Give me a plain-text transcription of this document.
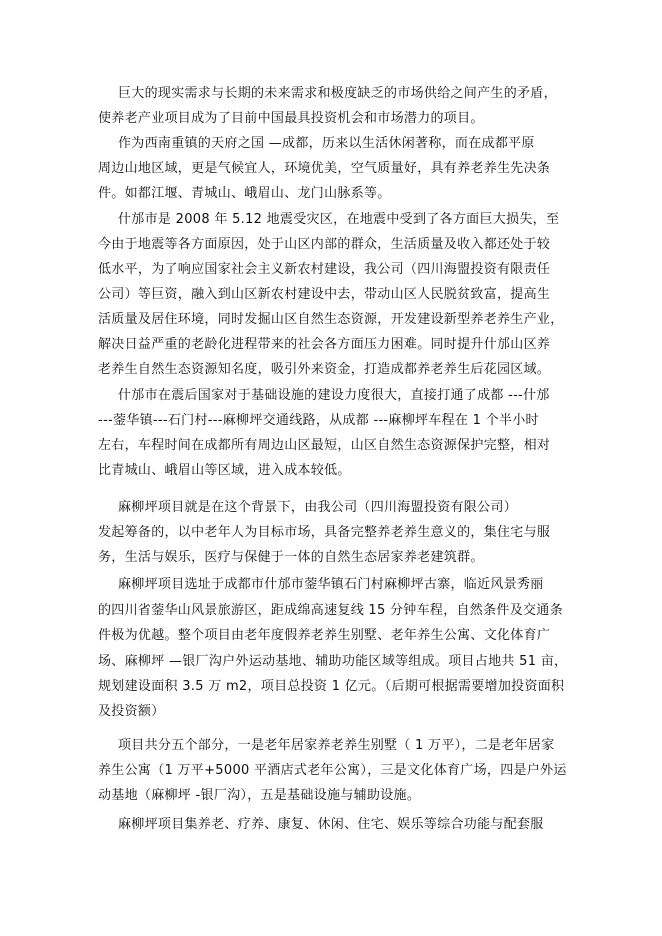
巨大的现实需求与长期的未来需求和极度缺乏的市场供给之间产生的矛盾，

使养老产业项目成为了目前中国最具投资机会和市场潜力的项目。

作为西南重镇的天府之国 —成都，历来以生活休闲著称，而在成都平原

周边山地区域，更是气候宜人，环境优美，空气质量好，具有养老养生先决条

件。如都江堰、青城山、峨眉山、龙门山脉系等。

什邡市是 2008 年 5.12 地震受灾区，在地震中受到了各方面巨大损失，至

今由于地震等各方面原因，处于山区内部的群众，生活质量及收入都还处于较

低水平，为了响应国家社会主义新农村建设，我公司（四川海盟投资有限责任

公司）等巨资，融入到山区新农村建设中去，带动山区人民脱贫致富，提高生

活质量及居住环境，同时发掘山区自然生态资源，开发建设新型养老养生产业，

解决日益严重的老龄化进程带来的社会各方面压力困难。同时提升什邡山区养

老养生自然生态资源知名度，吸引外来资金，打造成都养老养生后花园区域。

什邡市在震后国家对于基础设施的建设力度很大，直接打通了成都 ---什邡

---蓥华镇---石门村---麻柳坪交通线路，从成都 ---麻柳坪车程在 1 个半小时

左右，车程时间在成都所有周边山区最短，山区自然生态资源保护完整，相对

比青城山、峨眉山等区域，进入成本较低。

麻柳坪项目就是在这个背景下，由我公司（四川海盟投资有限公司）

发起筹备的，以中老年人为目标市场，具备完整养老养生意义的，集住宅与服

务，生活与娱乐，医疗与保健于一体的自然生态居家养老建筑群。

麻柳坪项目选址于成都市什邡市蓥华镇石门村麻柳坪古寨，临近风景秀丽

的四川省蓥华山风景旅游区，距成绵高速复线 15 分钟车程，自然条件及交通条

件极为优越。整个项目由老年度假养老养生别墅、老年养生公寓、文化体育广

场、麻柳坪 —银厂沟户外运动基地、辅助功能区域等组成。项目占地共 51 亩，

规划建设面积 3.5 万 m2，项目总投资 1 亿元。（后期可根据需要增加投资面积

及投资额）

项目共分五个部分，一是老年居家养老养生别墅（ 1 万平），二是老年居家

养生公寓（1 万平+5000 平酒店式老年公寓），三是文化体育广场，四是户外运

动基地（麻柳坪 -银厂沟），五是基础设施与辅助设施。

麻柳坪项目集养老、疗养、康复、休闲、住宅、娱乐等综合功能与配套服
